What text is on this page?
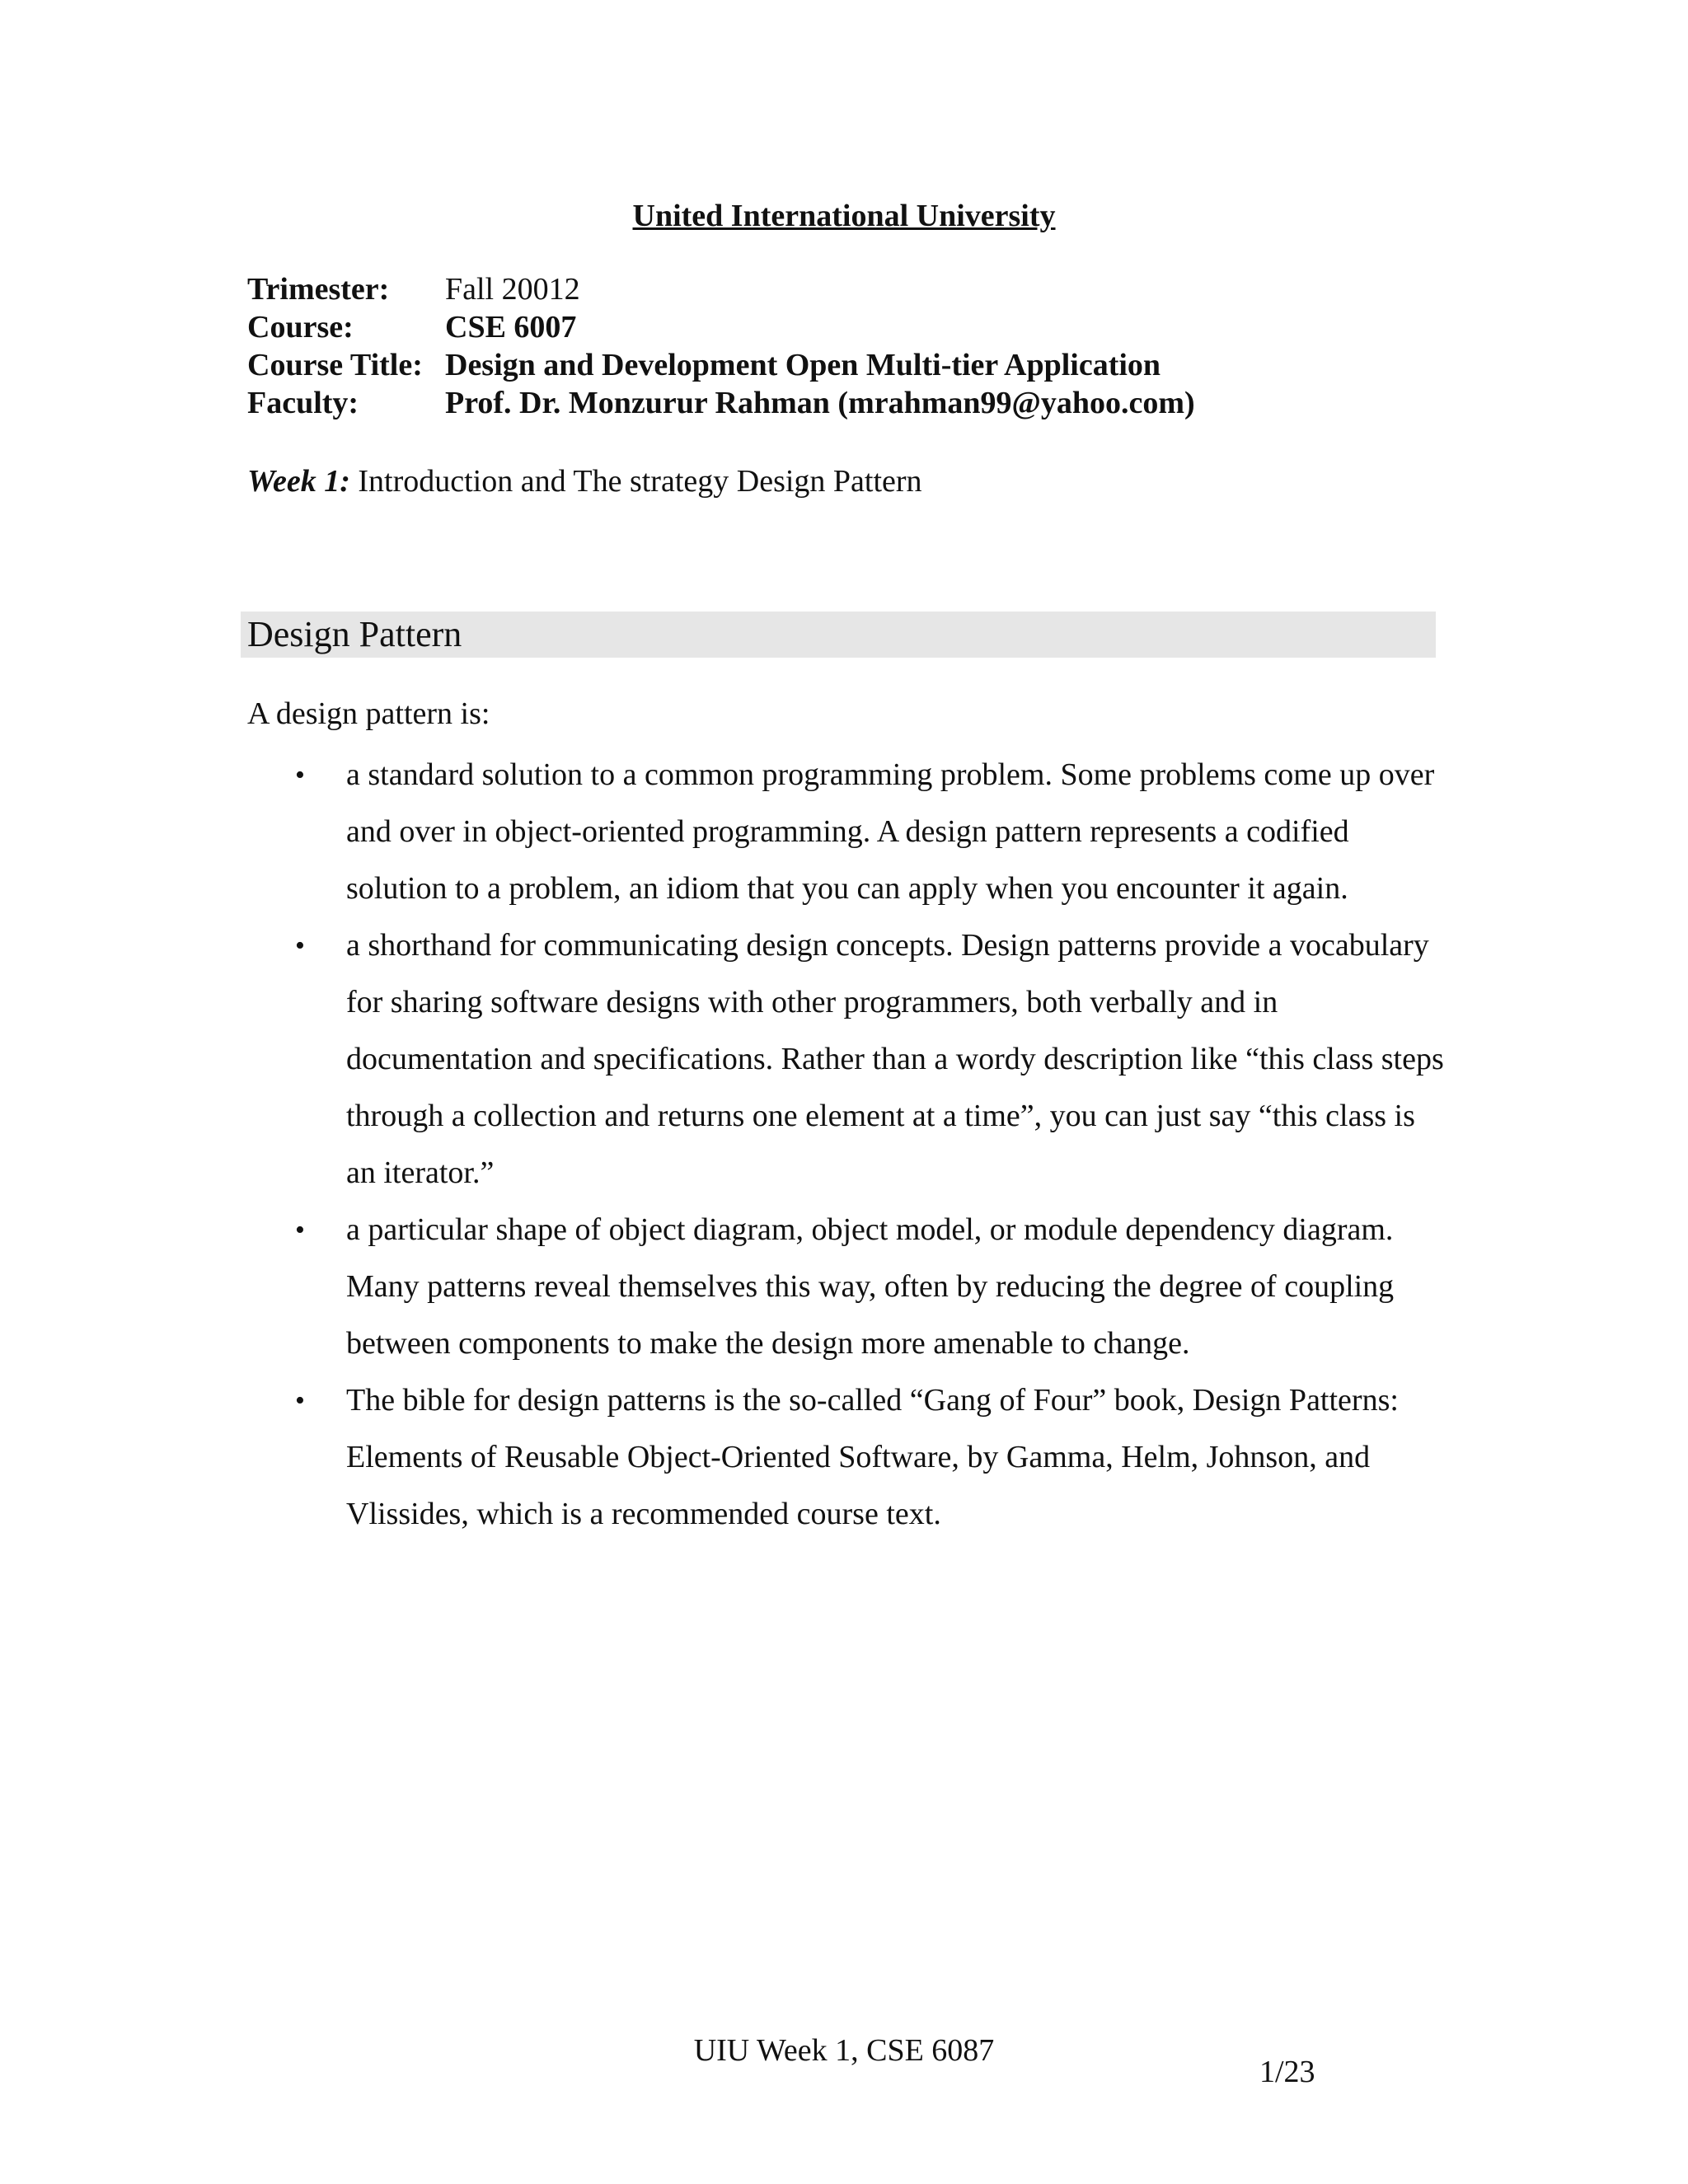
United International University
Trimester:	Fall 20012
Course:	CSE 6007
Course Title: Design and Development Open Multi-tier Application
Faculty:	Prof. Dr. Monzurur Rahman (mrahman99@yahoo.com)
Week 1: Introduction and The strategy Design Pattern
Design Pattern
A design pattern is:
• a standard solution to a common programming problem. Some problems come up over and over in object-oriented programming. A design pattern represents a codified solution to a problem, an idiom that you can apply when you encounter it again.
• a shorthand for communicating design concepts. Design patterns provide a vocabulary for sharing software designs with other programmers, both verbally and in documentation and specifications. Rather than a wordy description like “this class steps through a collection and returns one element at a time”, you can just say “this class is an iterator.”
• a particular shape of object diagram, object model, or module dependency diagram. Many patterns reveal themselves this way, often by reducing the degree of coupling between components to make the design more amenable to change.
• The bible for design patterns is the so-called “Gang of Four” book, Design Patterns: Elements of Reusable Object-Oriented Software, by Gamma, Helm, Johnson, and Vlissides, which is a recommended course text.
UIU Week 1, CSE 6087
1/23
